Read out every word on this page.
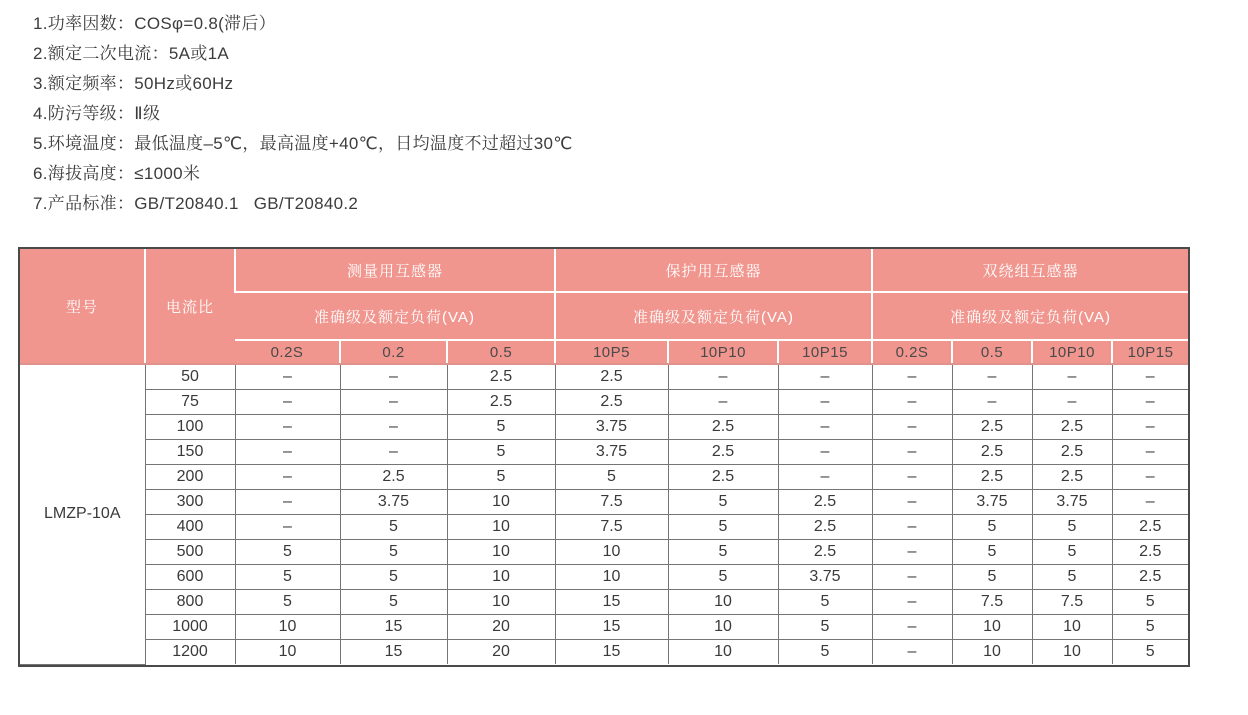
1.功率因数：COSφ=0.8(滞后）
2.额定二次电流：5A或1A
3.额定频率：50Hz或60Hz
4.防污等级：Ⅱ级
5.环境温度：最低温度–5℃，最高温度+40℃，日均温度不过超过30℃
6.海拔高度：≤1000米
7.产品标准：GB/T20840.1   GB/T20840.2
型号	电流比	测量用互感器			保护用互感器			双绕组互感器			
		准确级及额定负荷(VA)			准确级及额定负荷(VA)			准确级及额定负荷(VA)			
		0.2S	0.2	0.5	10P5	10P10	10P15	0.2S	0.5	10P10	10P15
LMZP-10A	50	–	–	2.5	2.5	–	–	–	–	–	–
	75	–	–	2.5	2.5	–	–	–	–	–	–
	100	–	–	5	3.75	2.5	–	–	2.5	2.5	–
	150	–	–	5	3.75	2.5	–	–	2.5	2.5	–
	200	–	2.5	5	5	2.5	–	–	2.5	2.5	–
	300	–	3.75	10	7.5	5	2.5	–	3.75	3.75	–
	400	–	5	10	7.5	5	2.5	–	5	5	2.5
	500	5	5	10	10	5	2.5	–	5	5	2.5
	600	5	5	10	10	5	3.75	–	5	5	2.5
	800	5	5	10	15	10	5	–	7.5	7.5	5
	1000	10	15	20	15	10	5	–	10	10	5
	1200	10	15	20	15	10	5	–	10	10	5
